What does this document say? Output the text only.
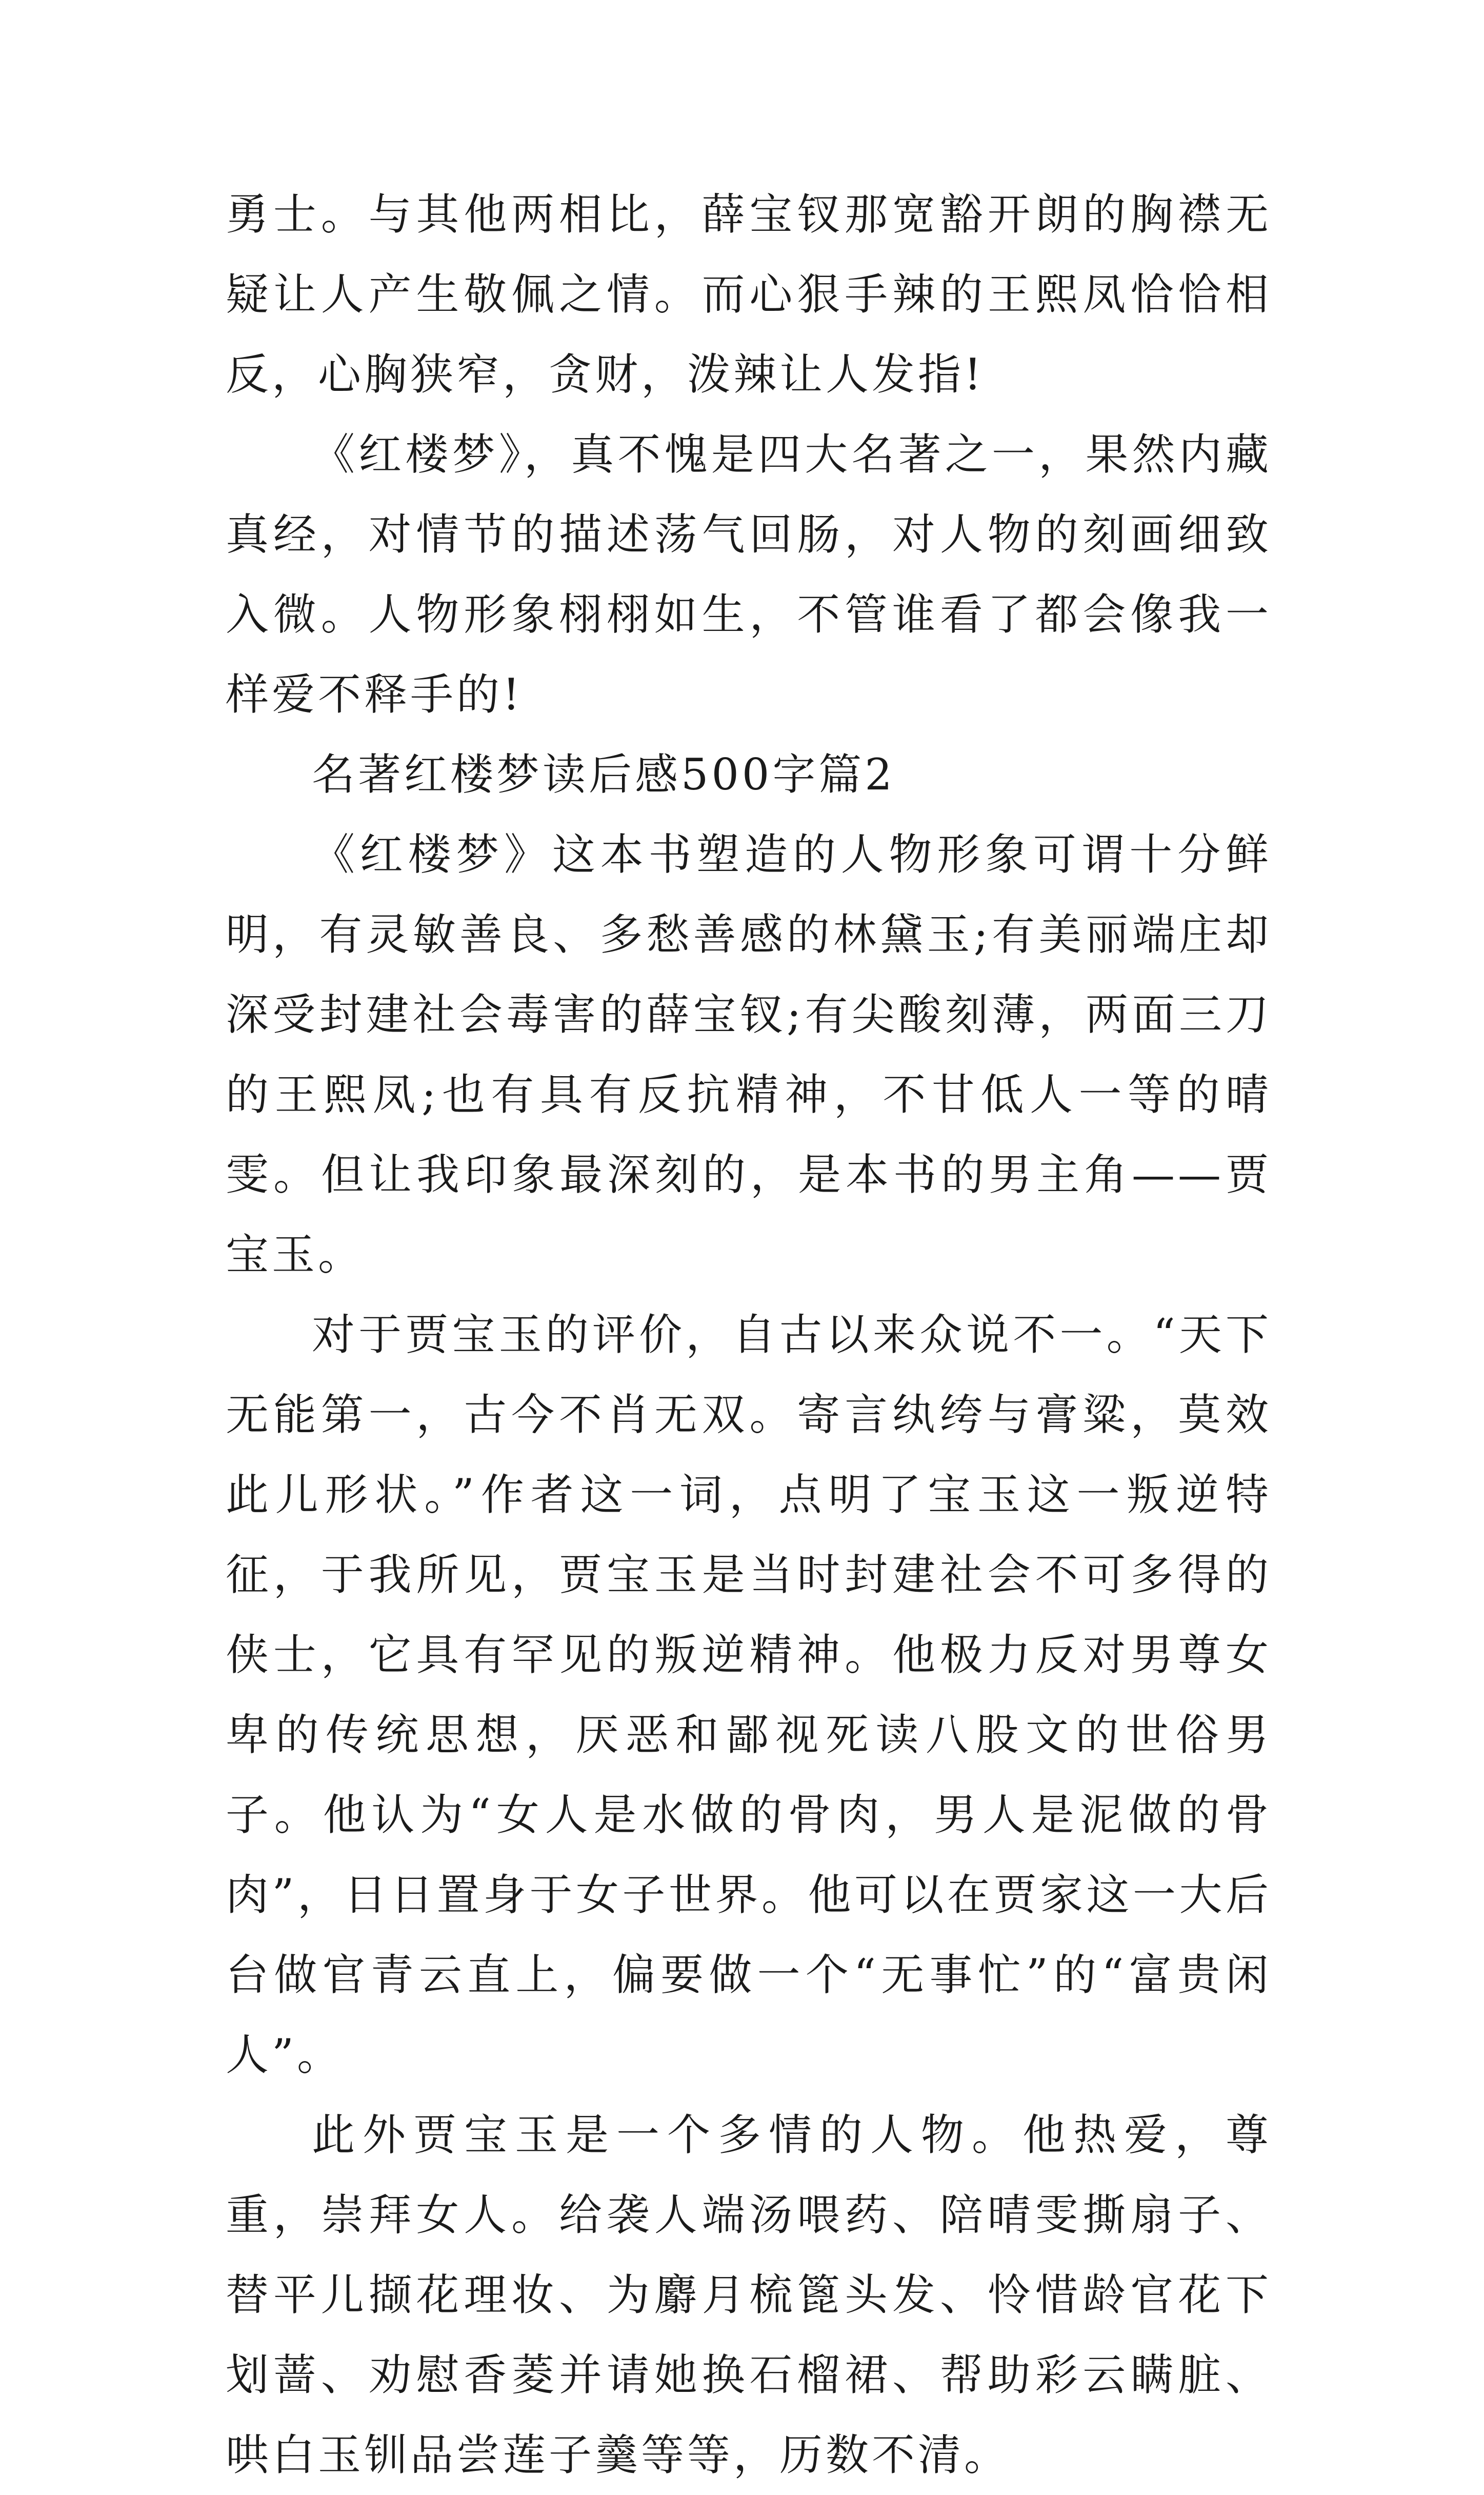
勇士。与其他两相比，薛宝钗那宽豁开朗的胸襟无疑让人产生敬佩之情。而心狠手辣的王熙凤恰恰相反，心胸狭窄，贪财，泼辣让人发指!

《红楼梦》，真不愧是四大名著之一，果然内藏真经，对情节的描述荡气回肠，对人物的刻画细致入微。人物形象栩栩如生，不管谁看了都会像我一样爱不释手的!

名著红楼梦读后感500字篇2

《红楼梦》这本书塑造的人物形象可谓十分鲜明，有灵敏善良、多愁善感的林黛玉;有美丽端庄却深受封建社会毒害的薛宝钗;有尖酸刻薄，两面三刀的王熙凤;也有具有反抗精神，不甘低人一等的晴雯。但让我印象最深刻的，是本书的男主角——贾宝玉。

对于贾宝玉的评价，自古以来众说不一。“天下无能第一，古今不肖无双。寄言纨绔与膏粱，莫效此儿形状。”作者这一词，点明了宝玉这一叛逆特征，于我所见，贾宝玉是当时封建社会不可多得的侠士，它具有罕见的叛逆精神。他极力反对男尊女卑的传统思想，厌恶和鄙视死读八股文的世俗男子。他认为“女人是水做的骨肉，男人是泥做的骨肉”，日日置身于女子世界。他可以在贾家这一大后台做官青云直上，偏要做一个“无事忙”的“富贵闲人”。

此外贾宝玉是一个多情的人物。他热爱，尊重，崇拜女人。给袭人端汤喂药、陪晴雯撕扇子、替平儿撷花理妆、为麝月梳篦头发、怜惜龄官花下划蔷、劝慰香菱并请她换石榴裙、帮助彩云瞒脏、哄白玉钏品尝莲子羹等等，历数不清。
